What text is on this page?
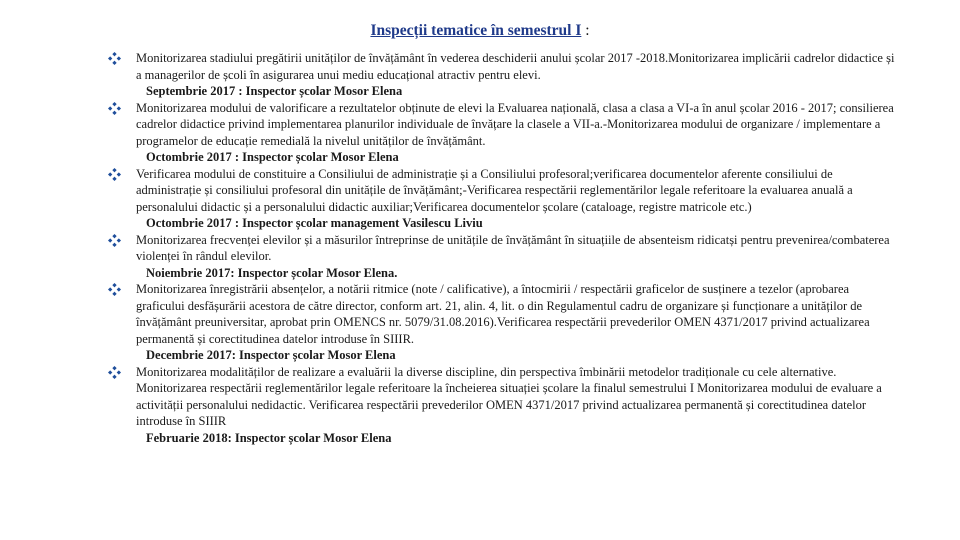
Inspecții tematice în semestrul I :
Monitorizarea stadiului pregătirii unităților de învățământ în vederea deschiderii anului școlar 2017 -2018.Monitorizarea implicării cadrelor didactice și a managerilor de școli în asigurarea unui mediu educațional atractiv pentru elevi.
Septembrie 2017 : Inspector școlar Mosor Elena
Monitorizarea modului de valorificare a rezultatelor obținute de elevi la Evaluarea națională, clasa a clasa a VI-a în anul școlar 2016 - 2017; consilierea cadrelor didactice privind implementarea planurilor individuale de învățare la clasele a VII-a.-Monitorizarea modului de organizare / implementare a programelor de educație remedială la nivelul unităților de învățământ.
Octombrie 2017 : Inspector școlar Mosor Elena
Verificarea modului de constituire a Consiliului de administrație și a Consiliului profesoral;verificarea documentelor aferente consiliului de administrație și consiliului profesoral din unitățile de învățământ;-Verificarea respectării reglementărilor legale referitoare la evaluarea anuală a personalului didactic și a personalului didactic auxiliar;Verificarea documentelor școlare (cataloage, registre matricole etc.)
Octombrie 2017 : Inspector școlar management Vasilescu Liviu
Monitorizarea frecvenței elevilor și a măsurilor întreprinse de unitățile de învățământ în situațiile de absenteism ridicatși pentru prevenirea/combaterea violenței în rândul elevilor.
Noiembrie 2017: Inspector școlar Mosor Elena.
Monitorizarea înregistrării absențelor, a notării ritmice (note / calificative), a întocmirii / respectării graficelor de susținere a tezelor (aprobarea graficului desfășurării acestora de către director, conform art. 21, alin. 4, lit. o din Regulamentul cadru de organizare și funcționare a unităților de învățământ preuniversitar, aprobat prin OMENCS nr. 5079/31.08.2016).Verificarea respectării prevederilor OMEN 4371/2017 privind actualizarea permanentă și corectitudinea datelor introduse în SIIIR.
Decembrie 2017: Inspector școlar Mosor Elena
Monitorizarea modalităților de realizare a evaluării la diverse discipline, din perspectiva îmbinării metodelor tradiționale cu cele alternative. Monitorizarea respectării reglementărilor legale referitoare la încheierea situației școlare la finalul semestrului I Monitorizarea modului de evaluare a activității personalului nedidactic. Verificarea respectării prevederilor OMEN 4371/2017 privind actualizarea permanentă și corectitudinea datelor introduse în SIIIR
Februarie 2018: Inspector școlar Mosor Elena
